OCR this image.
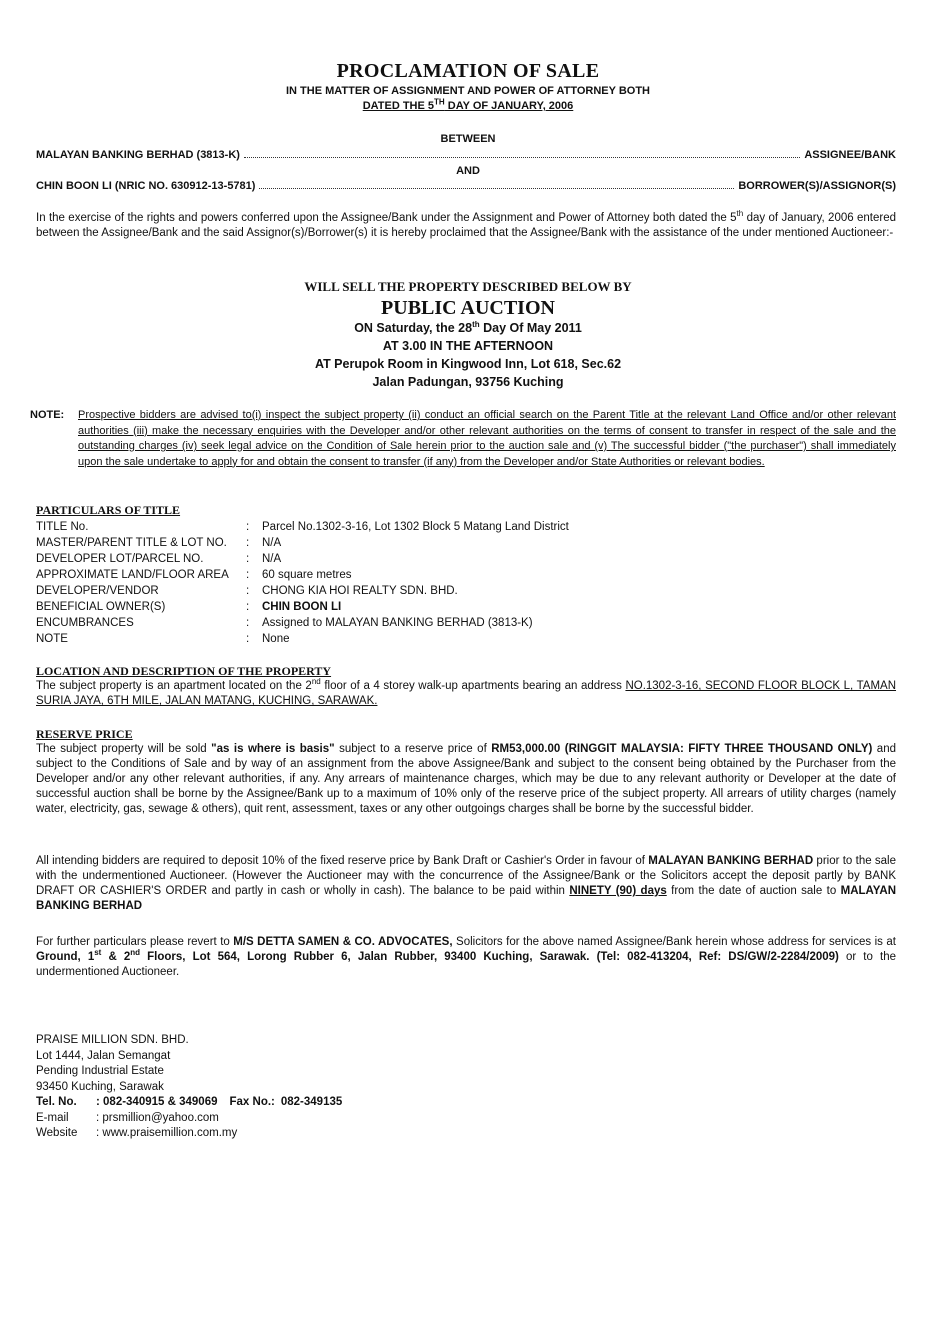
PROCLAMATION OF SALE
IN THE MATTER OF ASSIGNMENT AND POWER OF ATTORNEY BOTH
DATED THE 5TH DAY OF JANUARY, 2006
BETWEEN
MALAYAN BANKING BERHAD (3813-K)	ASSIGNEE/BANK
AND
CHIN BOON LI (NRIC NO. 630912-13-5781)	BORROWER(S)/ASSIGNOR(S)
In the exercise of the rights and powers conferred upon the Assignee/Bank under the Assignment and Power of Attorney both dated the 5th day of January, 2006 entered between the Assignee/Bank and the said Assignor(s)/Borrower(s) it is hereby proclaimed that the Assignee/Bank with the assistance of the under mentioned Auctioneer:-
WILL SELL THE PROPERTY DESCRIBED BELOW BY
PUBLIC AUCTION
ON Saturday, the 28th Day Of May 2011
AT 3.00 IN THE AFTERNOON
AT Perupok Room in Kingwood Inn, Lot 618, Sec.62
Jalan Padungan, 93756 Kuching
NOTE:	Prospective bidders are advised to(i) inspect the subject property (ii) conduct an official search on the Parent Title at the relevant Land Office and/or other relevant authorities (iii) make the necessary enquiries with the Developer and/or other relevant authorities on the terms of consent to transfer in respect of the sale and the outstanding charges (iv) seek legal advice on the Condition of Sale herein prior to the auction sale and (v) The successful bidder ("the purchaser") shall immediately upon the sale undertake to apply for and obtain the consent to transfer (if any) from the Developer and/or State Authorities or relevant bodies.
PARTICULARS OF TITLE
TITLE No.	:	Parcel No.1302-3-16, Lot 1302 Block 5 Matang Land District
MASTER/PARENT TITLE & LOT NO.	:	N/A
DEVELOPER LOT/PARCEL NO.	:	N/A
APPROXIMATE LAND/FLOOR AREA	:	60 square metres
DEVELOPER/VENDOR	:	CHONG KIA HOI REALTY SDN. BHD.
BENEFICIAL OWNER(S)	:	CHIN BOON LI
ENCUMBRANCES	:	Assigned to MALAYAN BANKING BERHAD (3813-K)
NOTE	:	None
LOCATION AND DESCRIPTION OF THE PROPERTY
The subject property is an apartment located on the 2nd floor of a 4 storey walk-up apartments bearing an address NO.1302-3-16, SECOND FLOOR BLOCK L, TAMAN SURIA JAYA, 6TH MILE, JALAN MATANG, KUCHING, SARAWAK.
RESERVE PRICE
The subject property will be sold "as is where is basis" subject to a reserve price of RM53,000.00 (RINGGIT MALAYSIA: FIFTY THREE THOUSAND ONLY) and subject to the Conditions of Sale and by way of an assignment from the above Assignee/Bank and subject to the consent being obtained by the Purchaser from the Developer and/or any other relevant authorities, if any. Any arrears of maintenance charges, which may be due to any relevant authority or Developer at the date of successful auction shall be borne by the Assignee/Bank up to a maximum of 10% only of the reserve price of the subject property. All arrears of utility charges (namely water, electricity, gas, sewage & others), quit rent, assessment, taxes or any other outgoings charges shall be borne by the successful bidder.
All intending bidders are required to deposit 10% of the fixed reserve price by Bank Draft or Cashier's Order in favour of MALAYAN BANKING BERHAD prior to the sale with the undermentioned Auctioneer. (However the Auctioneer may with the concurrence of the Assignee/Bank or the Solicitors accept the deposit partly by BANK DRAFT OR CASHIER'S ORDER and partly in cash or wholly in cash). The balance to be paid within NINETY (90) days from the date of auction sale to MALAYAN BANKING BERHAD
For further particulars please revert to M/S DETTA SAMEN & CO. ADVOCATES, Solicitors for the above named Assignee/Bank herein whose address for services is at Ground, 1st & 2nd Floors, Lot 564, Lorong Rubber 6, Jalan Rubber, 93400 Kuching, Sarawak. (Tel: 082-413204, Ref: DS/GW/2-2284/2009) or to the undermentioned Auctioneer.
PRAISE MILLION SDN. BHD.
Lot 1444, Jalan Semangat
Pending Industrial Estate
93450 Kuching, Sarawak
Tel. No.	: 082-340915 & 349069 Fax No.: 082-349135
E-mail	: prsmillion@yahoo.com
Website	: www.praisemillion.com.my
